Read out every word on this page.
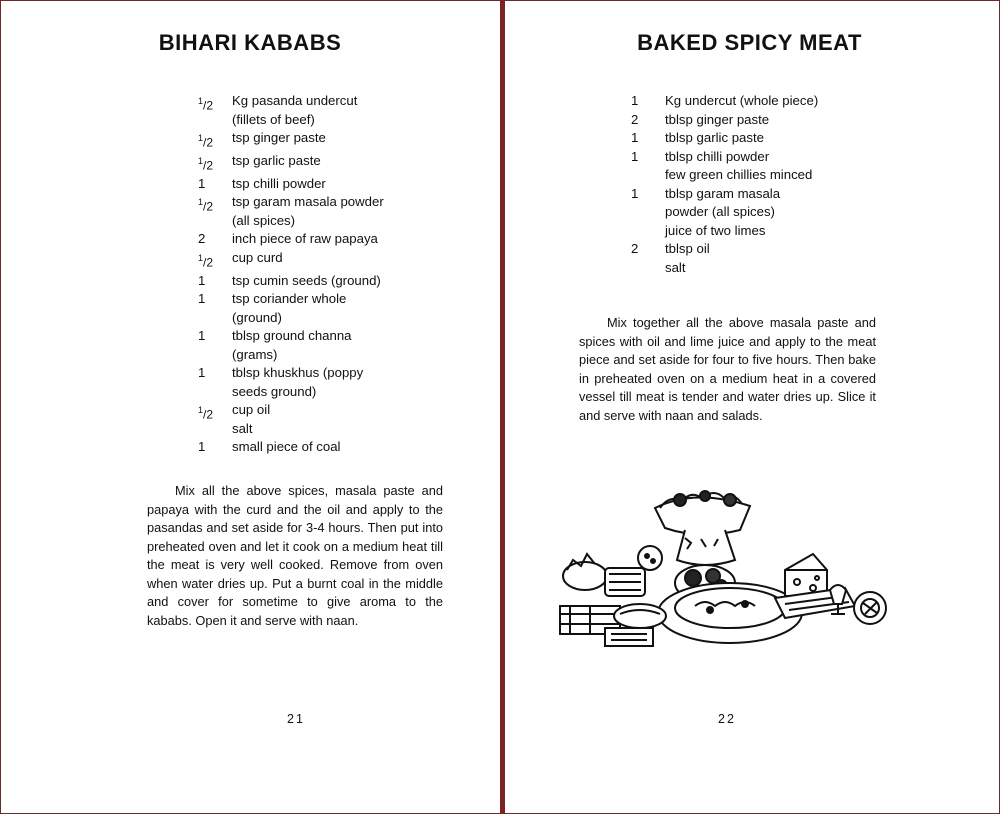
BIHARI KABABS
$^1$/2	Kg pasanda undercut
(fillets of beef)
$^1$/2	tsp ginger paste
$^1$/2	tsp garlic paste
1	tsp chilli powder
$^1$/2	tsp garam masala powder
(all spices)
2	inch piece of raw papaya
$^1$/2	cup curd
1	tsp cumin seeds (ground)
1	tsp coriander whole
(ground)
1	tblsp ground channa
(grams)
1	tblsp khuskhus (poppy
seeds ground)
$^1$/2	cup oil
salt
1	small piece of coal

Mix all the above spices, masala paste and papaya with the curd and the oil and apply to the pasandas and set aside for 3-4 hours. Then put into preheated oven and let it cook on a medium heat till the meat is very well cooked. Remove from oven when water dries up. Put a burnt coal in the middle and cover for sometime to give aroma to the kababs. Open it and serve with naan.

21
BAKED SPICY MEAT
1	Kg undercut (whole piece)
2	tblsp ginger paste
1	tblsp garlic paste
1	tblsp chilli powder
few green chillies minced
1	tblsp garam masala
powder (all spices)
juice of two limes
2	tblsp oil
salt

Mix together all the above masala paste and spices with oil and lime juice and apply to the meat piece and set aside for four to five hours. Then bake in preheated oven on a medium heat in a covered vessel till meat is tender and water dries up. Slice it and serve with naan and salads.

22
